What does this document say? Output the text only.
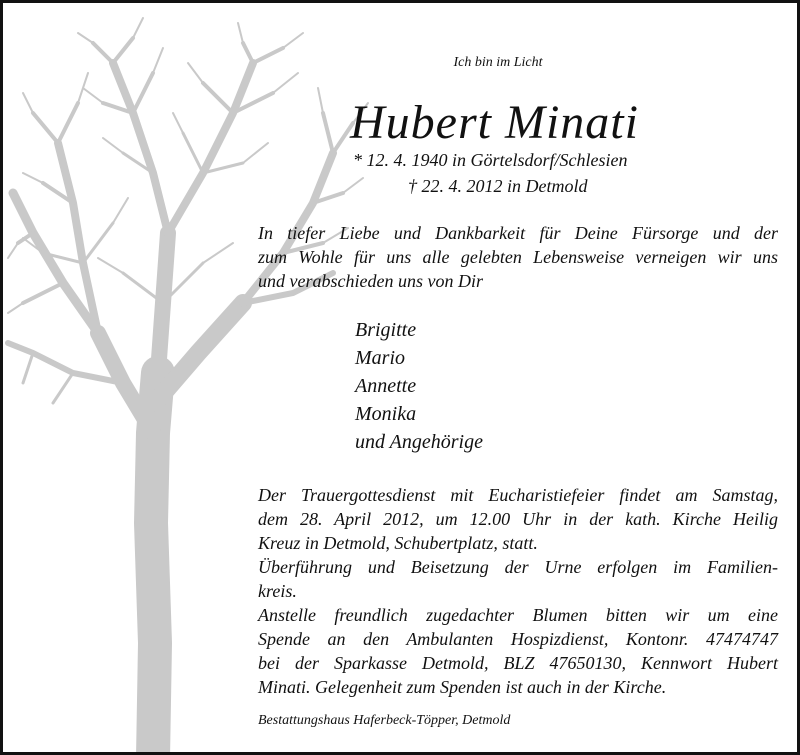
Ich bin im Licht
Hubert Minati
* 12. 4. 1940 in Görtelsdorf/Schlesien
† 22. 4. 2012 in Detmold
In tiefer Liebe und Dankbarkeit für Deine Fürsorge und der
zum Wohle für uns alle gelebten Lebensweise verneigen wir uns
und verabschieden uns von Dir
Brigitte
Mario
Annette
Monika
und Angehörige
Der Trauergottesdienst mit Eucharistiefeier findet am Samstag,
dem 28. April 2012, um 12.00 Uhr in der kath. Kirche Heilig
Kreuz in Detmold, Schubertplatz, statt.
Überführung und Beisetzung der Urne erfolgen im Familien-
kreis.
Anstelle freundlich zugedachter Blumen bitten wir um eine
Spende an den Ambulanten Hospizdienst, Kontonr. 47474747
bei der Sparkasse Detmold, BLZ 47650130, Kennwort Hubert
Minati. Gelegenheit zum Spenden ist auch in der Kirche.
Bestattungshaus Haferbeck-Töpper, Detmold
